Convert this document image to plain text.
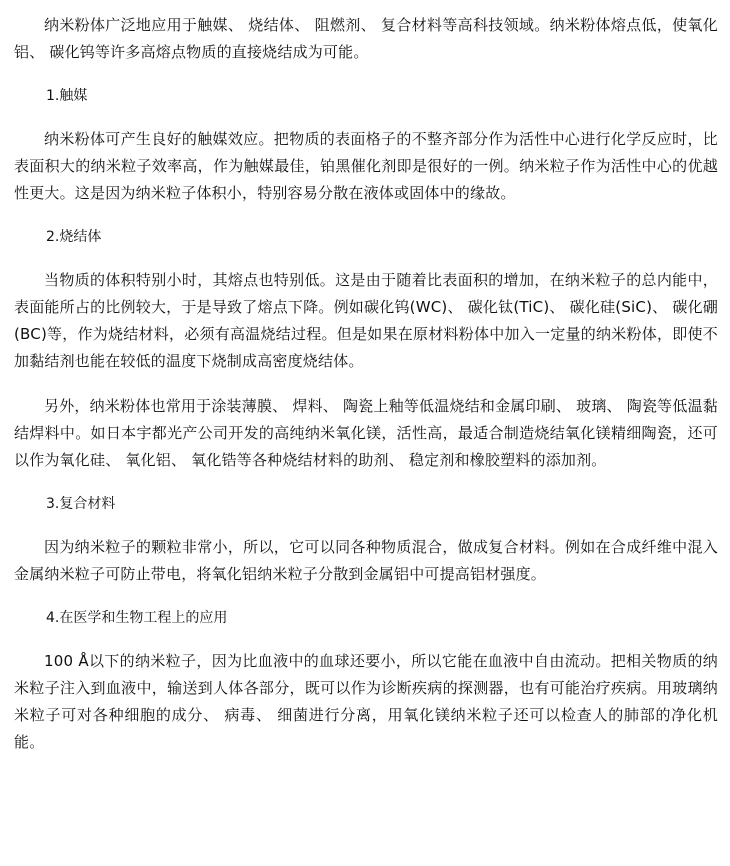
纳米粉体广泛地应用于触媒、 烧结体、 阻燃剂、 复合材料等高科技领域。纳米粉体熔点低，使氧化铝、 碳化钨等许多高熔点物质的直接烧结成为可能。

1.触媒

纳米粉体可产生良好的触媒效应。把物质的表面格子的不整齐部分作为活性中心进行化学反应时，比表面积大的纳米粒子效率高，作为触媒最佳，铂黑催化剂即是很好的一例。纳米粒子作为活性中心的优越性更大。这是因为纳米粒子体积小，特别容易分散在液体或固体中的缘故。

2.烧结体

当物质的体积特别小时，其熔点也特别低。这是由于随着比表面积的增加，在纳米粒子的总内能中，表面能所占的比例较大，于是导致了熔点下降。例如碳化钨(WC)、 碳化钛(TiC)、 碳化硅(SiC)、 碳化硼(BC)等，作为烧结材料，必须有高温烧结过程。但是如果在原材料粉体中加入一定量的纳米粉体，即使不加黏结剂也能在较低的温度下烧制成高密度烧结体。

另外，纳米粉体也常用于涂装薄膜、 焊料、 陶瓷上釉等低温烧结和金属印刷、 玻璃、 陶瓷等低温黏结焊料中。如日本宇都光产公司开发的高纯纳米氧化镁，活性高，最适合制造烧结氧化镁精细陶瓷，还可以作为氧化硅、 氧化铝、 氧化锆等各种烧结材料的助剂、 稳定剂和橡胶塑料的添加剂。

3.复合材料

因为纳米粒子的颗粒非常小，所以，它可以同各种物质混合，做成复合材料。例如在合成纤维中混入金属纳米粒子可防止带电，将氧化铝纳米粒子分散到金属铝中可提高铝材强度。

4.在医学和生物工程上的应用

100 Å以下的纳米粒子，因为比血液中的血球还要小，所以它能在血液中自由流动。把相关物质的纳米粒子注入到血液中，输送到人体各部分，既可以作为诊断疾病的探测器，也有可能治疗疾病。用玻璃纳米粒子可对各种细胞的成分、 病毒、 细菌进行分离，用氧化镁纳米粒子还可以检查人的肺部的净化机能。
